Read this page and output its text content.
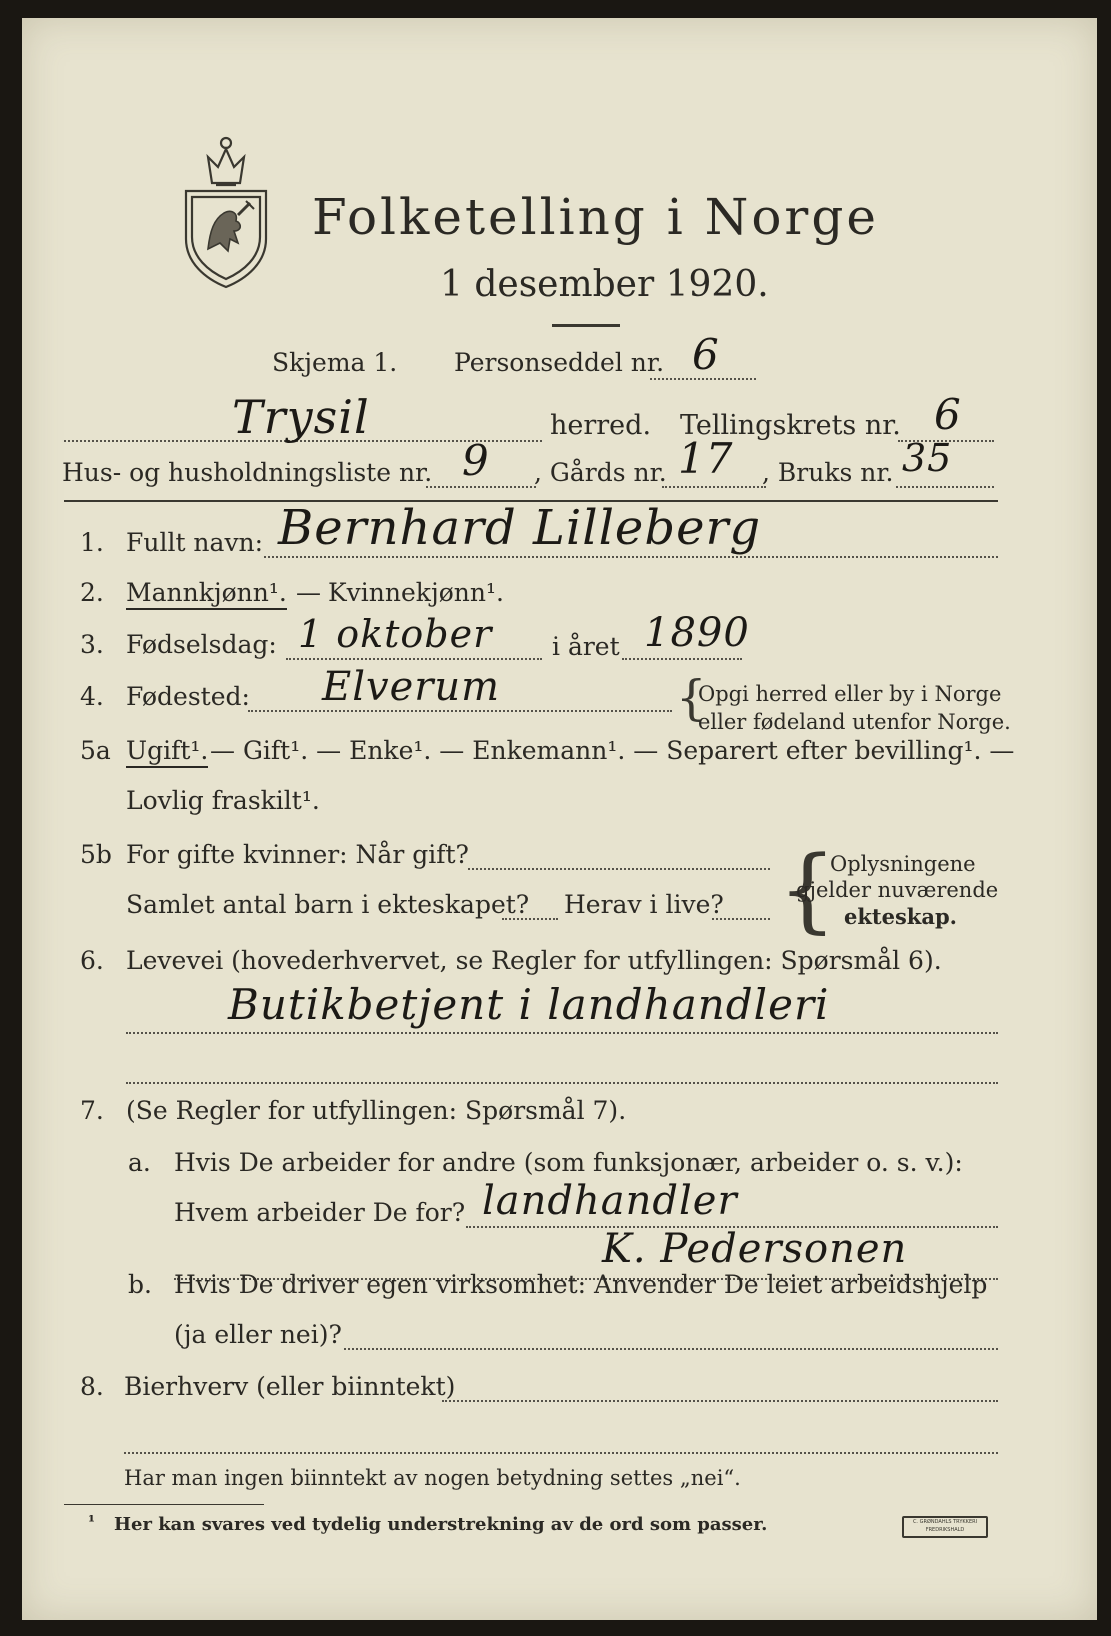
Folketelling i Norge
1 desember 1920.
Skjema 1. Personseddel nr. 6
Trysil	herred. Tellingskrets nr. 6
Hus- og husholdningsliste nr. 9 , Gårds nr. 17 , Bruks nr. 35
1. Fullt navn: Bernhard Lilleberg
2. Mannkjønn¹. — Kvinnekjønn¹.
3. Fødselsdag: 1 oktober i året 1890
4. Fødested: Elverum	{
Opgi herred eller by i Norge
eller fødeland utenfor Norge.
5a Ugift¹. — Gift¹. — Enke¹. — Enkemann¹. — Separert efter bevilling¹. —
Lovlig fraskilt¹.
5b For gifte kvinner: Når gift?
Samlet antal barn i ekteskapet? Herav i live? {
Oplysningene
gjelder nuværende
ekteskap.
6. Levevei (hovederhvervet, se Regler for utfyllingen: Spørsmål 6).
Butikbetjent i landhandleri
7. (Se Regler for utfyllingen: Spørsmål 7).
a. Hvis De arbeider for andre (som funksjonær, arbeider o. s. v.):
Hvem arbeider De for? landhandler
K. Pedersonen
b. Hvis De driver egen virksomhet: Anvender De leiet arbeidshjelp
(ja eller nei)?
8. Bierhverv (eller biinntekt)
Har man ingen biinntekt av nogen betydning settes „nei“.
¹ Her kan svares ved tydelig understrekning av de ord som passer.	C. GRØNDAHLS TRYKKERI FREDRIKSHALD
